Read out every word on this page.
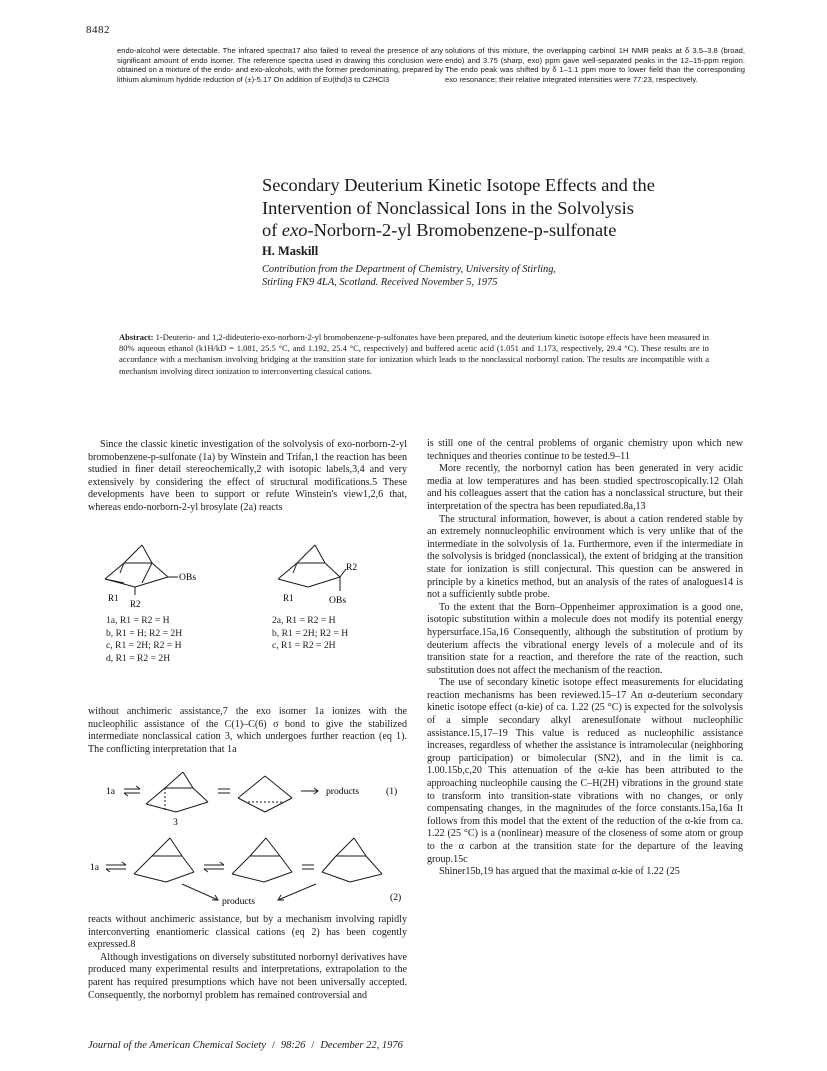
8482

endo-alcohol were detectable. The infrared spectra17 also failed to reveal the presence of any significant amount of endo isomer. The reference spectra used in drawing this conclusion were obtained on a mixture of the endo- and exo-alcohols, with the former predominating, prepared by lithium aluminum hydride reduction of (±)-5.17 On addition of Eu(thd)3 to C2HCl3

solutions of this mixture, the overlapping carbinol 1H NMR peaks at δ 3.5–3.8 (broad, endo) and 3.75 (sharp, exo) ppm gave well-separated peaks in the 12–15-ppm region. The endo peak was shifted by δ 1–1.1 ppm more to lower field than the corresponding exo resonance; their relative integrated intensities were 77:23, respectively.

Secondary Deuterium Kinetic Isotope Effects and the
Intervention of Nonclassical Ions in the Solvolysis
of exo-Norborn-2-yl Bromobenzene-p-sulfonate
H. Maskill
Contribution from the Department of Chemistry, University of Stirling,
Stirling FK9 4LA, Scotland. Received November 5, 1975

Abstract: 1-Deuterio- and 1,2-dideuterio-exo-norborn-2-yl bromobenzene-p-sulfonates have been prepared, and the deuterium kinetic isotope effects have been measured in 80% aqueous ethanol (k1H/kD = 1.081, 25.5 °C, and 1.192, 25.4 °C, respectively) and buffered acetic acid (1.051 and 1.173, respectively, 29.4 °C). These results are in accordance with a mechanism involving bridging at the transition state for ionization which leads to the nonclassical norbornyl cation. The results are incompatible with a mechanism involving direct ionization to interconverting classical cations.

Since the classic kinetic investigation of the solvolysis of exo-norborn-2-yl bromobenzene-p-sulfonate (1a) by Winstein and Trifan,1 the reaction has been studied in finer detail stereochemically,2 with isotopic labels,3,4 and very extensively by considering the effect of structural modifications.5 These developments have been to support or refute Winstein's view1,2,6 that, whereas endo-norborn-2-yl brosylate (2a) reacts

OBs
R1
R2
R2
R1	OBs
1a, R1 = R2 = H
b, R1 = H; R2 = 2H
c, R1 = 2H; R2 = H
d, R1 = R2 = 2H
2a, R1 = R2 = H
b, R1 = 2H; R2 = H
c, R1 = R2 = 2H

without anchimeric assistance,7 the exo isomer 1a ionizes with the nucleophilic assistance of the C(1)–C(6) σ bond to give the stabilized intermediate nonclassical cation 3, which undergoes further reaction (eq 1). The conflicting interpretation that 1a

1a
3
products	(1)
1a
products	(2)

reacts without anchimeric assistance, but by a mechanism involving rapidly interconverting enantiomeric classical cations (eq 2) has been cogently expressed.8

Although investigations on diversely substituted norbornyl derivatives have produced many experimental results and interpretations, extrapolation to the parent has required presumptions which have not been universally accepted. Consequently, the norbornyl problem has remained controversial and

is still one of the central problems of organic chemistry upon which new techniques and theories continue to be tested.9–11

More recently, the norbornyl cation has been generated in very acidic media at low temperatures and has been studied spectroscopically.12 Olah and his colleagues assert that the cation has a nonclassical structure, but their interpretation of the spectra has been repudiated.8a,13

The structural information, however, is about a cation rendered stable by an extremely nonnucleophilic environment which is very unlike that of the intermediate in the solvolysis of 1a. Furthermore, even if the intermediate in the solvolysis is bridged (nonclassical), the extent of bridging at the transition state for ionization is still conjectural. This question can be answered in principle by a kinetics method, but an analysis of the rates of analogues14 is not a sufficiently subtle probe.

To the extent that the Born–Oppenheimer approximation is a good one, isotopic substitution within a molecule does not modify its potential energy hypersurface.15a,16 Consequently, although the substitution of protium by deuterium affects the vibrational energy levels of a molecule and of its transition state for a reaction, and therefore the rate of the reaction, such substitution does not affect the mechanism of the reaction.

The use of secondary kinetic isotope effect measurements for elucidating reaction mechanisms has been reviewed.15–17 An α-deuterium secondary kinetic isotope effect (α-kie) of ca. 1.22 (25 °C) is expected for the solvolysis of a simple secondary alkyl arenesulfonate without nucleophilic assistance.15,17–19 This value is reduced as nucleophilic assistance increases, regardless of whether the assistance is intramolecular (neighboring group participation) or bimolecular (SN2), and in the limit is ca. 1.00.15b,c,20 This attenuation of the α-kie has been attributed to the approaching nucleophile causing the C–H(2H) vibrations in the ground state to transform into transition-state vibrations with no changes, or only compensating changes, in the magnitudes of the force constants.15a,16a It follows from this model that the extent of the reduction of the α-kie from ca. 1.22 (25 °C) is a (nonlinear) measure of the closeness of some atom or group to the α carbon at the transition state for the departure of the leaving group.15c

Shiner15b,19 has argued that the maximal α-kie of 1.22 (25

Journal of the American Chemical Society / 98:26 / December 22, 1976
